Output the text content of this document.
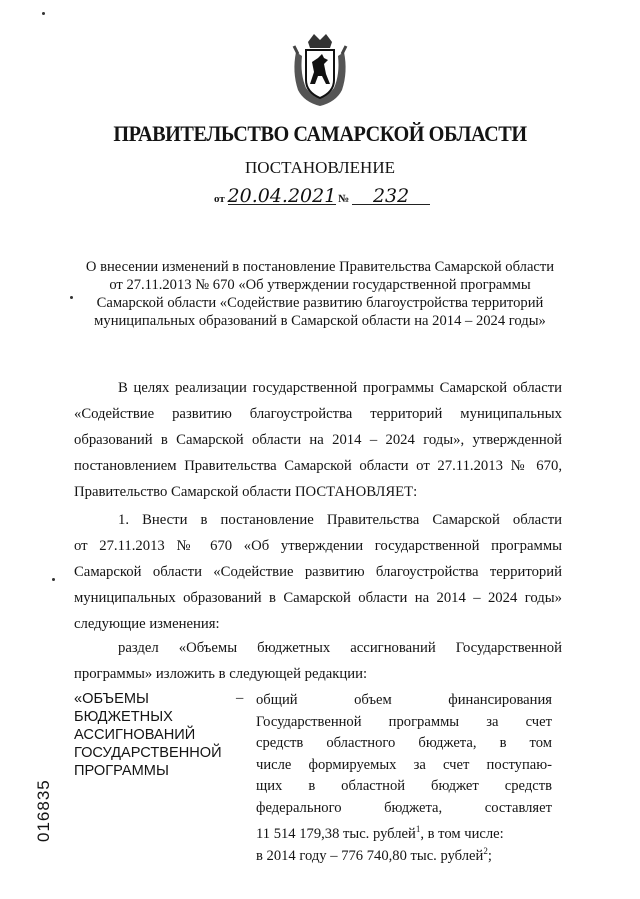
ПРАВИТЕЛЬСТВО САМАРСКОЙ ОБЛАСТИ
ПОСТАНОВЛЕНИЕ
от 20.04.2021 № 232
О внесении изменений в постановление Правительства Самарской области
от 27.11.2013 № 670 «Об утверждении государственной программы
Самарской области «Содействие развитию благоустройства территорий
муниципальных образований в Самарской области на 2014 – 2024 годы»
В целях реализации государственной программы Самарской области
«Содействие развитию благоустройства территорий муниципальных
образований в Самарской области на 2014 – 2024 годы», утвержденной
постановлением Правительства Самарской области от 27.11.2013 № 670,
Правительство Самарской области ПОСТАНОВЛЯЕТ:
1. Внести в постановление Правительства Самарской области
от 27.11.2013 № 670 «Об утверждении государственной программы
Самарской области «Содействие развитию благоустройства территорий
муниципальных образований в Самарской области на 2014 – 2024 годы»
следующие изменения:
раздел «Объемы бюджетных ассигнований Государственной
программы» изложить в следующей редакции:
«ОБЪЕМЫ
БЮДЖЕТНЫХ
АССИГНОВАНИЙ
ГОСУДАРСТВЕННОЙ
ПРОГРАММЫ
– общий объем финансирования
Государственной программы за счет
средств областного бюджета, в том
числе формируемых за счет поступаю-
щих в областной бюджет средств
федерального бюджета, составляет
11 514 179,38 тыс. рублей$^1$, в том числе:
в 2014 году – 776 740,80 тыс. рублей$^2$;
016835
